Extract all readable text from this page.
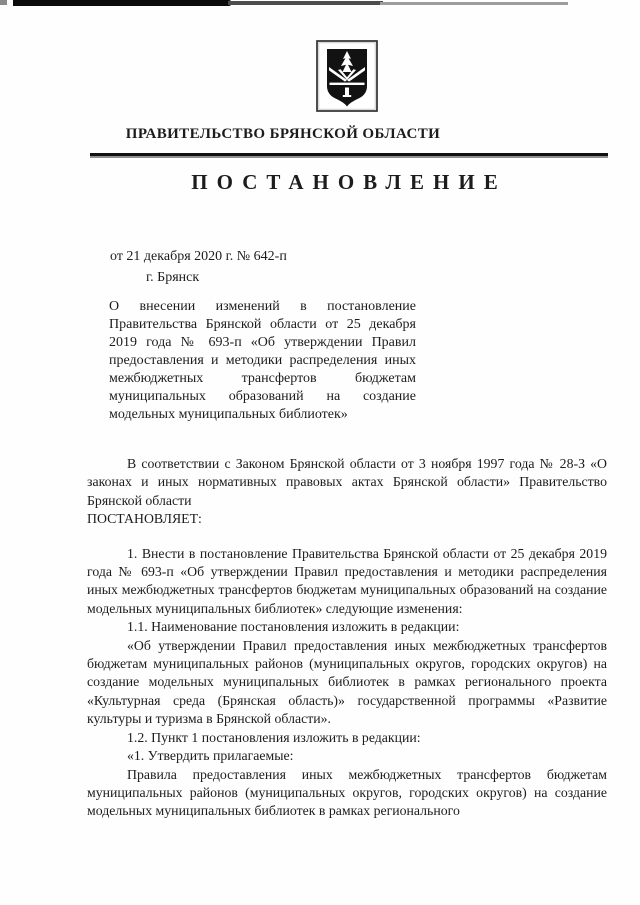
ПРАВИТЕЛЬСТВО БРЯНСКОЙ ОБЛАСТИ
ПОСТАНОВЛЕНИЕ
от 21 декабря 2020 г. № 642-п
г. Брянск
О внесении изменений в постановление Правительства Брянской области от 25 декабря 2019 года № 693-п «Об утверждении Правил предоставления и методики распределения иных межбюджетных трансфертов бюджетам муниципальных образований на создание модельных муниципальных библиотек»

В соответствии с Законом Брянской области от 3 ноября 1997 года № 28-З «О законах и иных нормативных правовых актах Брянской области» Правительство Брянской области

ПОСТАНОВЛЯЕТ:

1. Внести в постановление Правительства Брянской области от 25 декабря 2019 года № 693-п «Об утверждении Правил предоставления и методики распределения иных межбюджетных трансфертов бюджетам муниципальных образований на создание модельных муниципальных библиотек» следующие изменения:

1.1. Наименование постановления изложить в редакции:

«Об утверждении Правил предоставления иных межбюджетных трансфертов бюджетам муниципальных районов (муниципальных округов, городских округов) на создание модельных муниципальных библиотек в рамках регионального проекта «Культурная среда (Брянская область)» государственной программы «Развитие культуры и туризма в Брянской области».

1.2. Пункт 1 постановления изложить в редакции:

«1. Утвердить прилагаемые:

Правила предоставления иных межбюджетных трансфертов бюджетам муниципальных районов (муниципальных округов, городских округов) на создание модельных муниципальных библиотек в рамках регионального
